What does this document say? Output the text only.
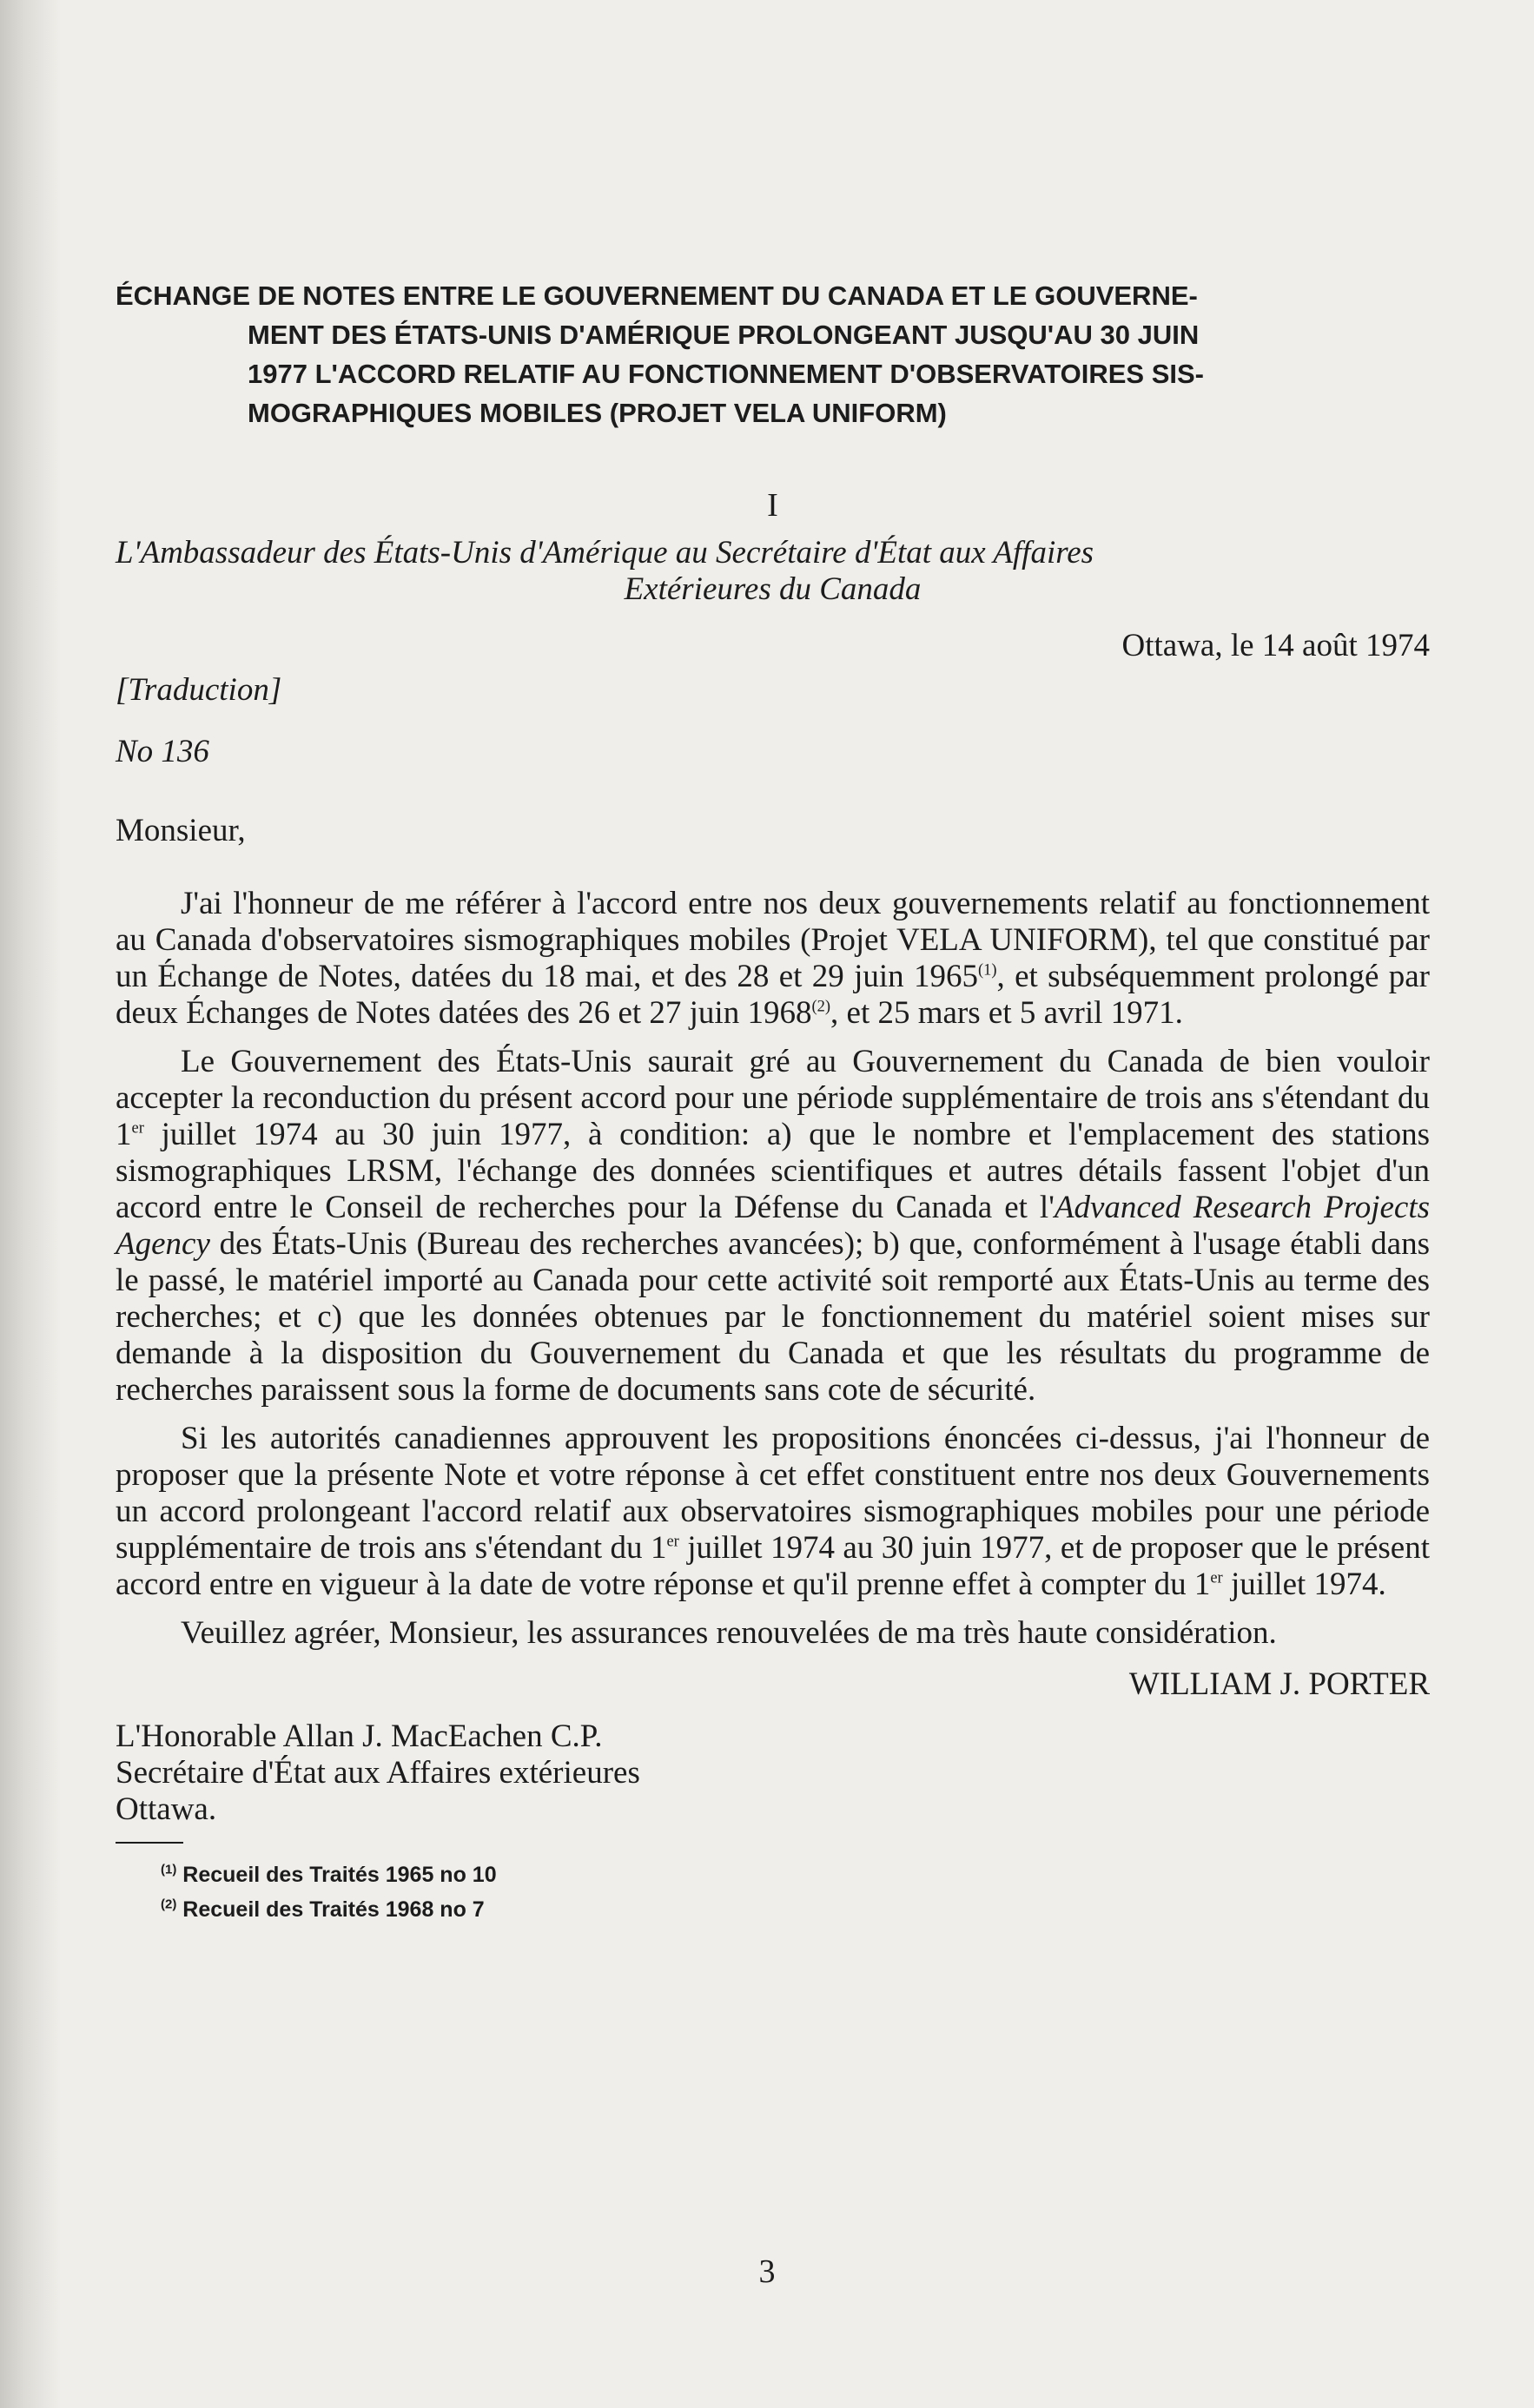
ÉCHANGE DE NOTES ENTRE LE GOUVERNEMENT DU CANADA ET LE GOUVERNE-
MENT DES ÉTATS-UNIS D'AMÉRIQUE PROLONGEANT JUSQU'AU 30 JUIN
1977 L'ACCORD RELATIF AU FONCTIONNEMENT D'OBSERVATOIRES SIS-
MOGRAPHIQUES MOBILES (PROJET VELA UNIFORM)
I
L'Ambassadeur des États-Unis d'Amérique au Secrétaire d'État aux Affaires
Extérieures du Canada
Ottawa, le 14 août 1974
[Traduction]
No 136
Monsieur,

J'ai l'honneur de me référer à l'accord entre nos deux gouvernements relatif au fonctionnement au Canada d'observatoires sismographiques mobiles (Projet VELA UNIFORM), tel que constitué par un Échange de Notes, datées du 18 mai, et des 28 et 29 juin 1965$^{(1)}$, et subséquemment prolongé par deux Échanges de Notes datées des 26 et 27 juin 1968$^{(2)}$, et 25 mars et 5 avril 1971.

Le Gouvernement des États-Unis saurait gré au Gouvernement du Canada de bien vouloir accepter la reconduction du présent accord pour une période supplémentaire de trois ans s'étendant du 1er juillet 1974 au 30 juin 1977, à condition: a) que le nombre et l'emplacement des stations sismographiques LRSM, l'échange des données scientifiques et autres détails fassent l'objet d'un accord entre le Conseil de recherches pour la Défense du Canada et l'Advanced Research Projects Agency des États-Unis (Bureau des recherches avancées); b) que, conformément à l'usage établi dans le passé, le matériel importé au Canada pour cette activité soit remporté aux États-Unis au terme des recherches; et c) que les données obtenues par le fonctionnement du matériel soient mises sur demande à la disposition du Gouvernement du Canada et que les résultats du programme de recherches paraissent sous la forme de documents sans cote de sécurité.

Si les autorités canadiennes approuvent les propositions énoncées ci-dessus, j'ai l'honneur de proposer que la présente Note et votre réponse à cet effet constituent entre nos deux Gouvernements un accord prolongeant l'accord relatif aux observatoires sismographiques mobiles pour une période supplémentaire de trois ans s'étendant du 1er juillet 1974 au 30 juin 1977, et de proposer que le présent accord entre en vigueur à la date de votre réponse et qu'il prenne effet à compter du 1er juillet 1974.

Veuillez agréer, Monsieur, les assurances renouvelées de ma très haute considération.

WILLIAM J. PORTER
L'Honorable Allan J. MacEachen C.P.
Secrétaire d'État aux Affaires extérieures
Ottawa.
$^{(1)}$ Recueil des Traités 1965 no 10
$^{(2)}$ Recueil des Traités 1968 no 7
3
